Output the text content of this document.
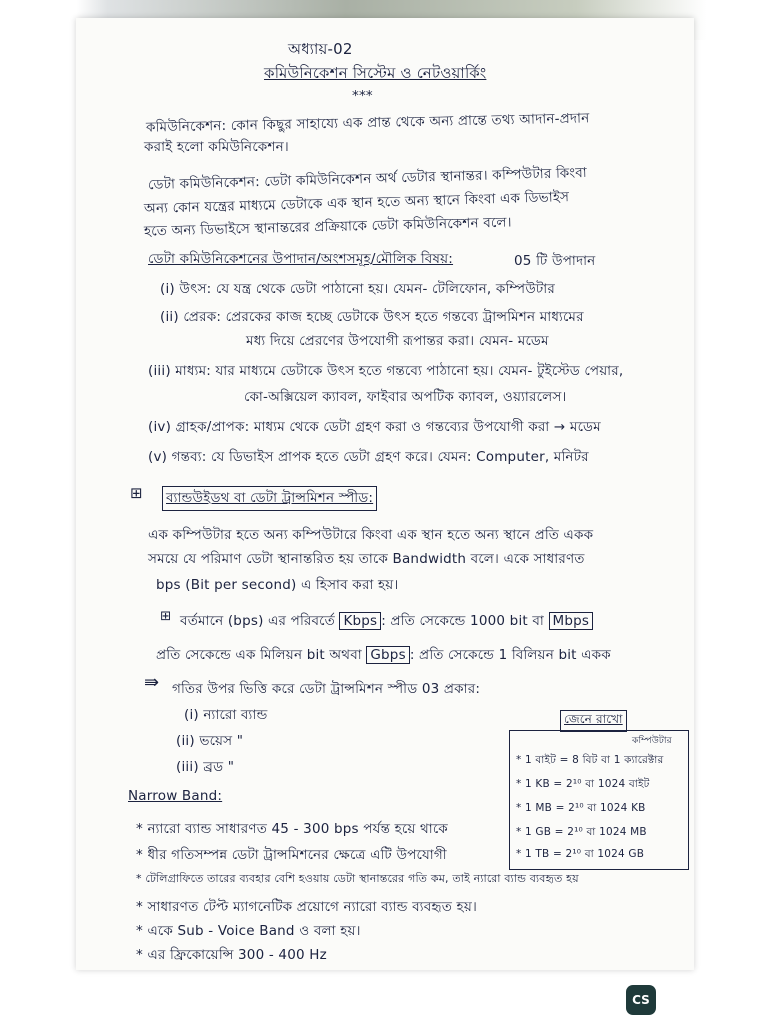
অধ্যায়-02
কমিউনিকেশন সিস্টেম ও নেটওয়ার্কিং
***
কমিউনিকেশন: কোন কিছুর সাহায্যে এক প্রান্ত থেকে অন্য প্রান্তে তথ্য আদান-প্রদান
করাই হলো কমিউনিকেশন।
ডেটা কমিউনিকেশন: ডেটা কমিউনিকেশন অর্থ ডেটার স্থানান্তর। কম্পিউটার কিংবা
অন্য কোন যন্ত্রের মাধ্যমে ডেটাকে এক স্থান হতে অন্য স্থানে কিংবা এক ডিভাইস
হতে অন্য ডিভাইসে স্থানান্তরের প্রক্রিয়াকে ডেটা কমিউনিকেশন বলে।
ডেটা কমিউনিকেশনের উপাদান/অংশসমূহ/মৌলিক বিষয়:	05 টি উপাদান
(i) উৎস: যে যন্ত্র থেকে ডেটা পাঠানো হয়। যেমন- টেলিফোন, কম্পিউটার
(ii) প্রেরক: প্রেরকের কাজ হচ্ছে ডেটাকে উৎস হতে গন্তব্যে ট্রান্সমিশন মাধ্যমের
মধ্য দিয়ে প্রেরণের উপযোগী রূপান্তর করা। যেমন- মডেম
(iii) মাধ্যম: যার মাধ্যমে ডেটাকে উৎস হতে গন্তব্যে পাঠানো হয়। যেমন- টুইস্টেড পেয়ার,
কো-অক্সিয়েল ক্যাবল, ফাইবার অপটিক ক্যাবল, ওয়্যারলেস।
(iv) গ্রাহক/প্রাপক: মাধ্যম থেকে ডেটা গ্রহণ করা ও গন্তব্যের উপযোগী করা → মডেম
(v) গন্তব্য: যে ডিভাইস প্রাপক হতে ডেটা গ্রহণ করে। যেমন: Computer, মনিটর
⊞ ব্যান্ডউইডথ বা ডেটা ট্রান্সমিশন স্পীড:
এক কম্পিউটার হতে অন্য কম্পিউটারে কিংবা এক স্থান হতে অন্য স্থানে প্রতি একক
সময়ে যে পরিমাণ ডেটা স্থানান্তরিত হয় তাকে Bandwidth বলে। একে সাধারণত
bps (Bit per second) এ হিসাব করা হয়।
⊞ বর্তমানে (bps) এর পরিবর্তে Kbps : প্রতি সেকেন্ডে 1000 bit বা Mbps
প্রতি সেকেন্ডে এক মিলিয়ন bit অথবা Gbps : প্রতি সেকেন্ডে 1 বিলিয়ন bit একক
⇛ গতির উপর ভিত্তি করে ডেটা ট্রান্সমিশন স্পীড 03 প্রকার:
(i) ন্যারো ব্যান্ড
(ii) ভয়েস "
(iii) ব্রড "
জেনে রাখো
কম্পিউটার
* 1 বাইট = 8 বিট বা 1 ক্যারেক্টার
* 1 KB = 2¹⁰ বা 1024 বাইট
* 1 MB = 2¹⁰ বা 1024 KB
* 1 GB = 2¹⁰ বা 1024 MB
* 1 TB = 2¹⁰ বা 1024 GB
Narrow Band:
* ন্যারো ব্যান্ড সাধারণত 45 - 300 bps পর্যন্ত হয়ে থাকে
* ধীর গতিসম্পন্ন ডেটা ট্রান্সমিশনের ক্ষেত্রে এটি উপযোগী
* টেলিগ্রাফিতে তারের ব্যবহার বেশি হওয়ায় ডেটা স্থানান্তরের গতি কম, তাই ন্যারো ব্যান্ড ব্যবহৃত হয়
* সাধারণত টেপ্ট ম্যাগনেটিক প্রয়োগে ন্যারো ব্যান্ড ব্যবহৃত হয়।
* একে Sub - Voice Band ও বলা হয়।
* এর ফ্রিকোয়েন্সি 300 - 400 Hz
CS
